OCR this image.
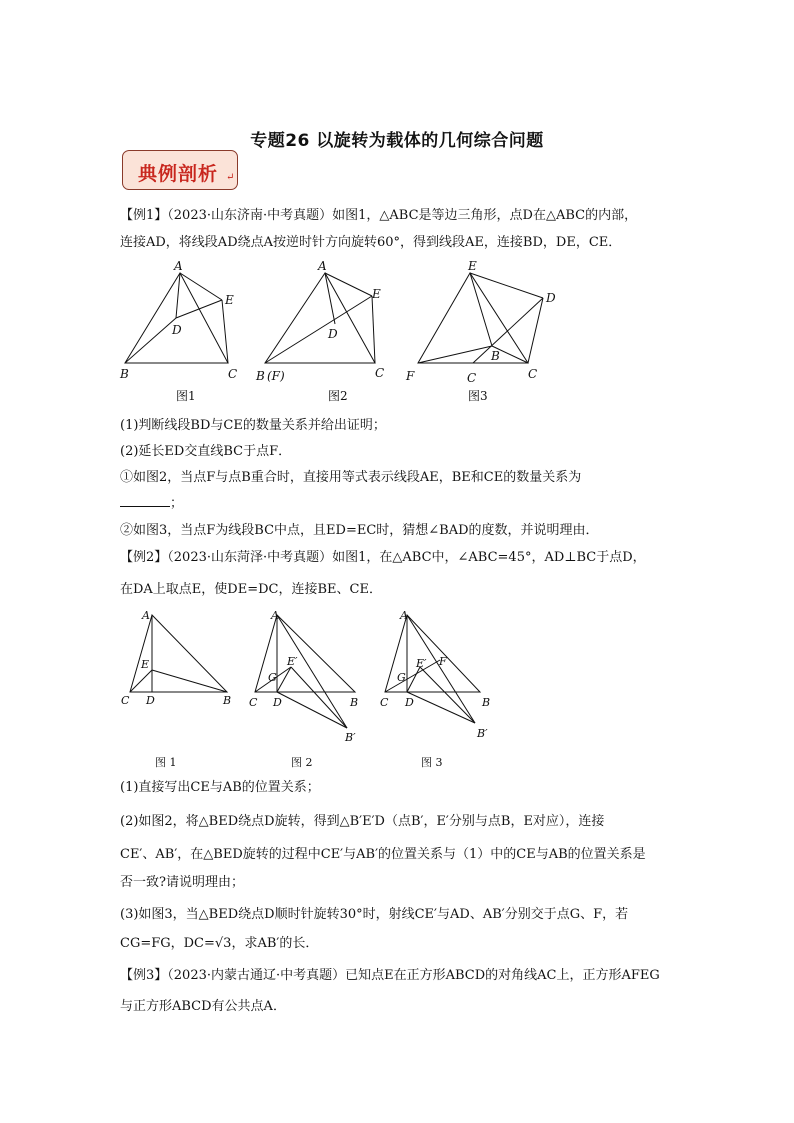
专题26 以旋转为载体的几何综合问题
典例剖析 ↵
【例1】（2023·山东济南·中考真题）如图1，△ABC是等边三角形，点D在△ABC的内部，
连接AD，将线段AD绕点A按逆时针方向旋转60°，得到线段AE，连接BD，DE，CE．
A
E
D
B	C B (F)
E
D
C
A	E
D
B
F	C	C
图1	图2	图3
(1)判断线段BD与CE的数量关系并给出证明；
(2)延长ED交直线BC于点F．
①如图2，当点F与点B重合时，直接用等式表示线段AE，BE和CE的数量关系为
；
②如图3，当点F为线段BC中点，且ED=EC时，猜想∠BAD的度数，并说明理由．
【例2】（2023·山东菏泽·中考真题）如图1，在△ABC中，∠ABC=45°，AD⊥BC于点D，
在DA上取点E，使DE=DC，连接BE、CE．
A
E
C D	B
A
E′
G
C D	B
B′
A
E′ F
G
C D	B
B′
图 1	图 2	图 3
(1)直接写出CE与AB的位置关系；
(2)如图2，将△BED绕点D旋转，得到△B′E′D（点B′，E′分别与点B，E对应），连接
CE′、AB′，在△BED旋转的过程中CE′与AB′的位置关系与（1）中的CE与AB的位置关系是
否一致?请说明理由；
(3)如图3，当△BED绕点D顺时针旋转30°时，射线CE′与AD、AB′分别交于点G、F，若
CG=FG，DC=√3，求AB′的长．
【例3】（2023·内蒙古通辽·中考真题）已知点E在正方形ABCD的对角线AC上，正方形AFEG
与正方形ABCD有公共点A．
